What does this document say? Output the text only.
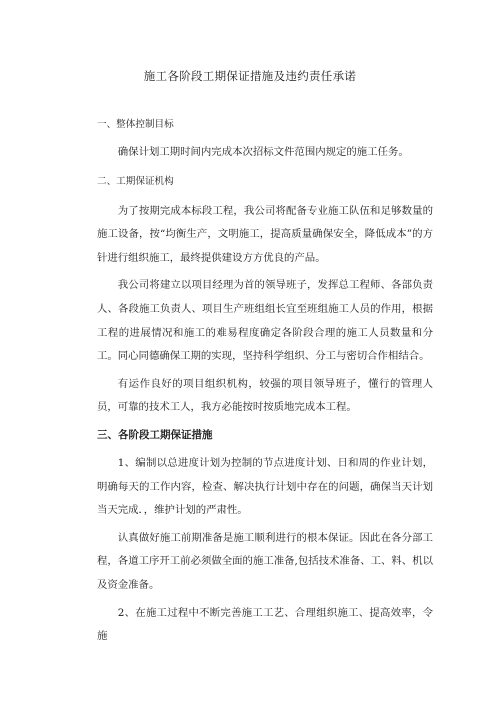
施工各阶段工期保证措施及违约责任承诺
一、整体控制目标
确保计划工期时间内完成本次招标文件范围内规定的施工任务。
二、工期保证机构
为了按期完成本标段工程，我公司将配备专业施工队伍和足够数量的施工设备，按“均衡生产，文明施工，提高质量确保安全，降低成本”的方针进行组织施工，最终提供建设方方优良的产品。
我公司将建立以项目经理为首的领导班子，发挥总工程师、各部负责人、各段施工负责人、项目生产班组组长宜至班组施工人员的作用，根据工程的进展情况和施工的难易程度确定各阶段合理的施工人员数量和分工。同心同德确保工期的实现，坚持科学组织、分工与密切合作相结合。
有运作良好的项目组织机构，较强的项目领导班子，懂行的管理人员，可靠的技术工人，我方必能按时按质地完成本工程。
三、各阶段工期保证措施
1、编制以总进度计划为控制的节点进度计划、日和周的作业计划，明确每天的工作内容，检查、解决执行计划中存在的问题，确保当天计划当天完成．，维护计划的严肃性。
认真做好施工前期准备是施工顺利进行的根本保证。因此在各分部工程，各道工序开工前必须做全面的施工准备,包括技术准备、工、料、机以及资金准备。
2、在施工过程中不断完善施工工艺、合理组织施工、提高效率，令施
